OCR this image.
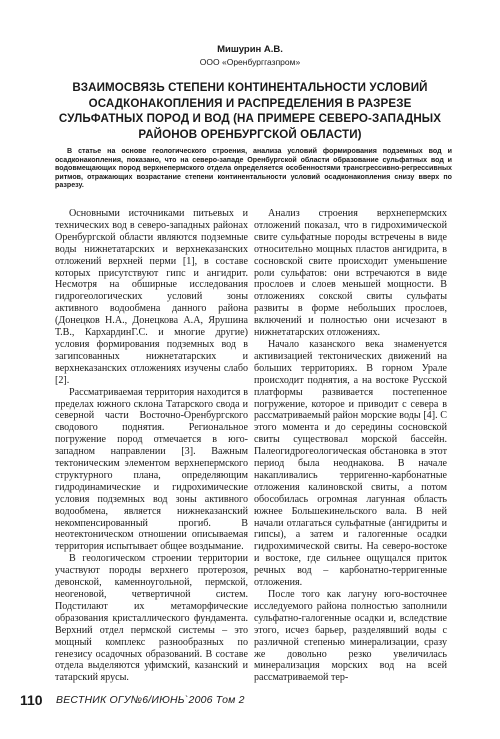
Мишурин А.В.
ООО «Оренбурггазпром»
ВЗАИМОСВЯЗЬ СТЕПЕНИ КОНТИНЕНТАЛЬНОСТИ УСЛОВИЙ ОСАДКОНАКОПЛЕНИЯ И РАСПРЕДЕЛЕНИЯ В РАЗРЕЗЕ СУЛЬФАТНЫХ ПОРОД И ВОД (НА ПРИМЕРЕ СЕВЕРО-ЗАПАДНЫХ РАЙОНОВ ОРЕНБУРГСКОЙ ОБЛАСТИ)
В статье на основе геологического строения, анализа условий формирования подземных вод и осадконакопления, показано, что на северо-западе Оренбургской области образование сульфатных вод и водовмещающих пород верхнепермского отдела определяется особенностями трансгрессивно-регрессивных ритмов, отражающих возрастание степени континентальности условий осадконакопления снизу вверх по разрезу.

Основными источниками питьевых и технических вод в северо-западных районах Оренбургской области являются подземные воды нижнетатарских и верхнеказанских отложений верхней перми [1], в составе которых присутствуют гипс и ангидрит. Несмотря на обширные исследования гидрогеологических условий зоны активного водообмена данного района (Донецков Н.А., Донецкова А.А, Ярушина Т.В., КархардинГ.С. и многие другие) условия формирования подземных вод в загипсованных нижнетатарских и верхнеказанских отложениях изучены слабо [2].

Рассматриваемая территория находится в пределах южного склона Татарского свода и северной части Восточно-Оренбургского сводового поднятия. Региональное погружение пород отмечается в юго-западном направлении [3]. Важным тектоническим элементом верхнепермского структурного плана, определяющим гидродинамические и гидрохимические условия подземных вод зоны активного водообмена, является нижнеказанский некомпенсированный прогиб. В неотектоническом отношении описываемая территория испытывает общее воздымание.

В геологическом строении территории участвуют породы верхнего протерозоя, девонской, каменноугольной, пермской, неогеновой, четвертичной систем. Подстилают их метаморфические образования кристаллического фундамента. Верхний отдел пермской системы – это мощный комплекс разнообразных по генезису осадочных образований. В составе отдела выделяются уфимский, казанский и татарский ярусы.

Анализ строения верхнепермских отложений показал, что в гидрохимической свите сульфатные породы встречены в виде относительно мощных пластов ангидрита, в сосновской свите происходит уменьшение роли сульфатов: они встречаются в виде прослоев и слоев меньшей мощности. В отложениях сокской свиты сульфаты развиты в форме небольших прослоев, включений и полностью они исчезают в нижнетатарских отложениях.

Начало казанского века знаменуется активизацией тектонических движений на больших территориях. В горном Урале происходит поднятия, а на востоке Русской платформы развивается постепенное погружение, которое и приводит с севера в рассматриваемый район морские воды [4]. С этого момента и до середины сосновской свиты существовал морской бассейн. Палеогидрогеологическая обстановка в этот период была неоднакова. В начале накапливались терригенно-карбонатные отложения калиновской свиты, а потом обособилась огромная лагунная область южнее Большекинельского вала. В ней начали отлагаться сульфатные (ангидриты и гипсы), а затем и галогенные осадки гидрохимической свиты. На северо-востоке и востоке, где сильнее ощущался приток речных вод – карбонатно-терригенные отложения.

После того как лагуну юго-восточнее исследуемого района полностью заполнили сульфатно-галогенные осадки и, вследствие этого, исчез барьер, разделявший воды с различной степенью минерализации, сразу же довольно резко увеличилась минерализация морских вод на всей рассматриваемой тер-

110 ВЕСТНИК ОГУ№6/ИЮНЬ`2006 Том 2
